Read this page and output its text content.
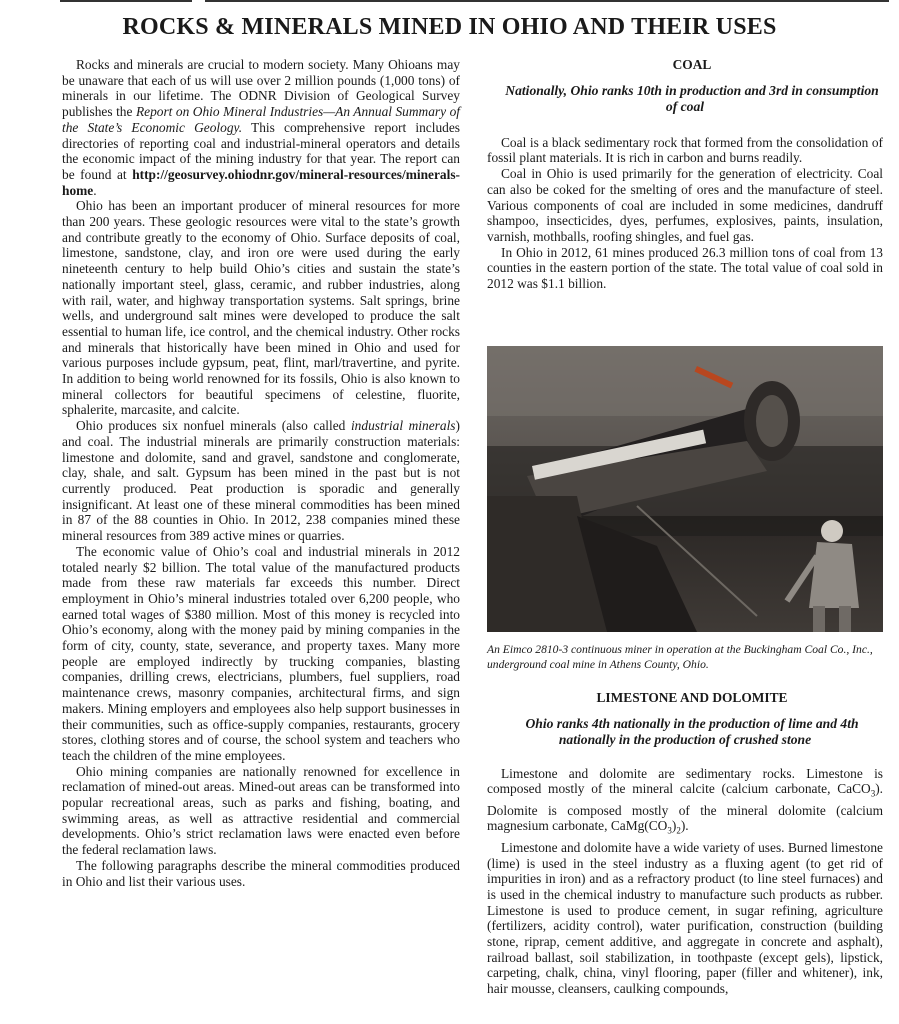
ROCKS & MINERALS MINED IN OHIO AND THEIR USES

Rocks and minerals are crucial to modern society. Many Ohioans may be unaware that each of us will use over 2 million pounds (1,000 tons) of minerals in our lifetime. The ODNR Division of Geological Survey publishes the Report on Ohio Mineral Industries—An Annual Summary of the State’s Economic Geology. This comprehensive report includes directories of reporting coal and industrial-mineral operators and details the economic impact of the mining industry for that year. The report can be found at http://geosurvey.ohiodnr.gov/mineral-resources/minerals-home.

Ohio has been an important producer of mineral resources for more than 200 years. These geologic resources were vital to the state’s growth and contribute greatly to the economy of Ohio. Surface deposits of coal, limestone, sandstone, clay, and iron ore were used during the early nineteenth century to help build Ohio’s cities and sustain the state’s nationally important steel, glass, ceramic, and rubber industries, along with rail, water, and highway transportation systems. Salt springs, brine wells, and underground salt mines were developed to produce the salt essential to human life, ice control, and the chemical industry. Other rocks and minerals that historically have been mined in Ohio and used for various purposes include gypsum, peat, flint, marl/travertine, and pyrite. In addition to being world renowned for its fossils, Ohio is also known to mineral collectors for beautiful specimens of celestine, fluorite, sphalerite, marcasite, and calcite.

Ohio produces six nonfuel minerals (also called industrial minerals) and coal. The industrial minerals are primarily construction materials: limestone and dolomite, sand and gravel, sandstone and conglomerate, clay, shale, and salt. Gypsum has been mined in the past but is not currently produced. Peat production is sporadic and generally insignificant. At least one of these mineral commodities has been mined in 87 of the 88 counties in Ohio. In 2012, 238 companies mined these mineral resources from 389 active mines or quarries.

The economic value of Ohio’s coal and industrial minerals in 2012 totaled nearly $2 billion. The total value of the manufactured products made from these raw materials far exceeds this number. Direct employment in Ohio’s mineral industries totaled over 6,200 people, who earned total wages of $380 million. Most of this money is recycled into Ohio’s economy, along with the money paid by mining companies in the form of city, county, state, severance, and property taxes. Many more people are employed indirectly by trucking companies, blasting companies, drilling crews, electricians, plumbers, fuel suppliers, road maintenance crews, masonry companies, architectural firms, and sign makers. Mining employers and employees also help support businesses in their communities, such as office-supply companies, restaurants, grocery stores, clothing stores and of course, the school system and teachers who teach the children of the mine employees.

Ohio mining companies are nationally renowned for excellence in reclamation of mined-out areas. Mined-out areas can be transformed into popular recreational areas, such as parks and fishing, boating, and swimming areas, as well as attractive residential and commercial developments. Ohio’s strict reclamation laws were enacted even before the federal reclamation laws.

The following paragraphs describe the mineral commodities produced in Ohio and list their various uses.

COAL

Nationally, Ohio ranks 10th in production and 3rd in consumption of coal

Coal is a black sedimentary rock that formed from the consolidation of fossil plant materials. It is rich in carbon and burns readily.

Coal in Ohio is used primarily for the generation of electricity. Coal can also be coked for the smelting of ores and the manufacture of steel. Various components of coal are included in some medicines, dandruff shampoo, insecticides, dyes, perfumes, explosives, paints, insulation, varnish, mothballs, roofing shingles, and fuel gas.

In Ohio in 2012, 61 mines produced 26.3 million tons of coal from 13 counties in the eastern portion of the state. The total value of coal sold in 2012 was $1.1 billion.

An Eimco 2810-3 continuous miner in operation at the Buckingham Coal Co., Inc., underground coal mine in Athens County, Ohio.

LIMESTONE AND DOLOMITE

Ohio ranks 4th nationally in the production of lime and 4th nationally in the production of crushed stone

Limestone and dolomite are sedimentary rocks. Limestone is composed mostly of the mineral calcite (calcium carbonate, CaCO$_3$). Dolomite is composed mostly of the mineral dolomite (calcium magnesium carbonate, $CaMg(CO_3)_2$).

Limestone and dolomite have a wide variety of uses. Burned limestone (lime) is used in the steel industry as a fluxing agent (to get rid of impurities in iron) and as a refractory product (to line steel furnaces) and is used in the chemical industry to manufacture such products as rubber. Limestone is used to produce cement, in sugar refining, agriculture (fertilizers, acidity control), water purification, construction (building stone, riprap, cement additive, and aggregate in concrete and asphalt), railroad ballast, soil stabilization, in toothpaste (except gels), lipstick, carpeting, chalk, china, vinyl flooring, paper (filler and whitener), ink, hair mousse, cleansers, caulking compounds,
